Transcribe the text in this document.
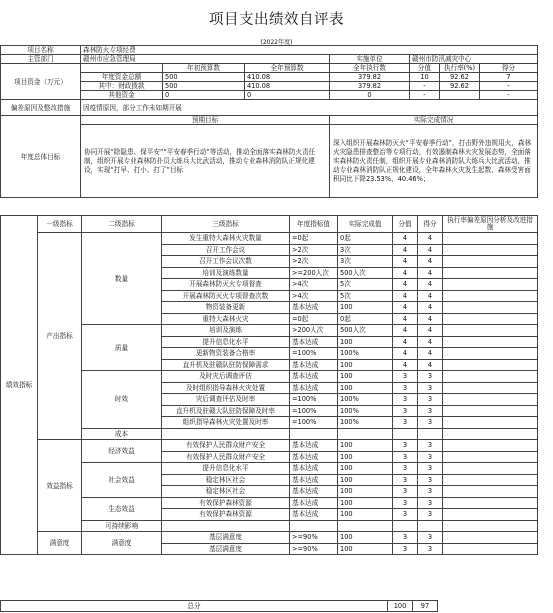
项目支出绩效自评表
(2022年度)
项目名称	森林防火专项经费						
主管部门	赣州市应急管理局			实施单位	赣州市防汛减灾中心		
项目资金（万元）		年初预算数	全年预算数	全年执行数	分值	执行率(%)	得分
	年度资金总额	500	410.08	379.82	10	92.62	7
	其中：财政拨款	500	410.08	379.82	-	92.62	-
	其他资金	0	0	0	-		-
偏差原因及整改措施	因疫情原因，部分工作未如期开展						
年度总体目标	预期目标			实际完成情况			
	协同开展“除隐患、保平安”“平安春季行动”等活动，推动全面落实森林防火责任制，组织开展专业森林防扑员大练兵大比武活动，推动专业森林消防队正规化建设，实现“打早、打小、打了”目标			深入组织开展森林防灭火“平安春季行动”，打击野外违规用火，森林火灾隐患排查整治等专项行动，有效遏制森林火灾发展态势，全面落实森林防火责任制，组织开展专业森林消防队大练兵大比武活动，推动专业森林消防队正规化建设，全年森林火灾发生起数、森林受害面积同比下降23.53%、40.46%；			
绩效指标	一级指标	二级指标	三级指标	年度指标值	实际完成值	分值	得分	执行率偏差原因分析及改进措施
	产出指标	数量	发生重特大森林火灾数量	=0起	0起	4	4	
			召开工作会议	>2次	3次	4	4	
			召开工作会议次数	>2次	3次	4	4	
			培训及演练数量	>=200人次	500人次	4	4	
			开展森林防灭火专项督查	>4次	5次	4	4	
			开展森林防灭火专项督查次数	>4次	5次	4	4	
			物资装备更新	基本达成	100	4	4	
			重特大森林火灾	=0起	0起	4	4	
		质量	培训及演练	>200人次	500人次	4	4	
			提升信息化水平	基本达成	100	4	4	
			更新物资装备合格率	=100%	100%	4	4	
			直升机及驻赣队驻防保障需求	基本达成	100	4	4	
		时效	及时灾后调查评估	基本达成	100	3	3	
			及时组织指导森林火灾处置	基本达成	100	3	3	
			灾后调查评估及时率	=100%	100%	3	3	
			直升机及驻赣大队驻防保障及时率	=100%	100%	3	3	
			组织指导森林火灾处置及时率	=100%	100%	3	3	
		成本						
	效益指标	经济效益	有效保护人民群众财产安全	基本达成	100	3	3	
			有效保护人民群众财产安全	基本达成	100	3	3	
		社会效益	提升信息化水平	基本达成	100	3	3	
			稳定林区社会	基本达成	100	3	3	
			稳定林区社会	基本达成	100	3	3	
		生态效益	有效保护森林资源	基本达成	100	3	3	
			有效保护森林资源	基本达成	100	3	3	
		可持续影响						
	满意度	满意度	基层满意度	>=90%	100	3	3	
			基层满意度	>=90%	100	3	3	
总分	100	97	
